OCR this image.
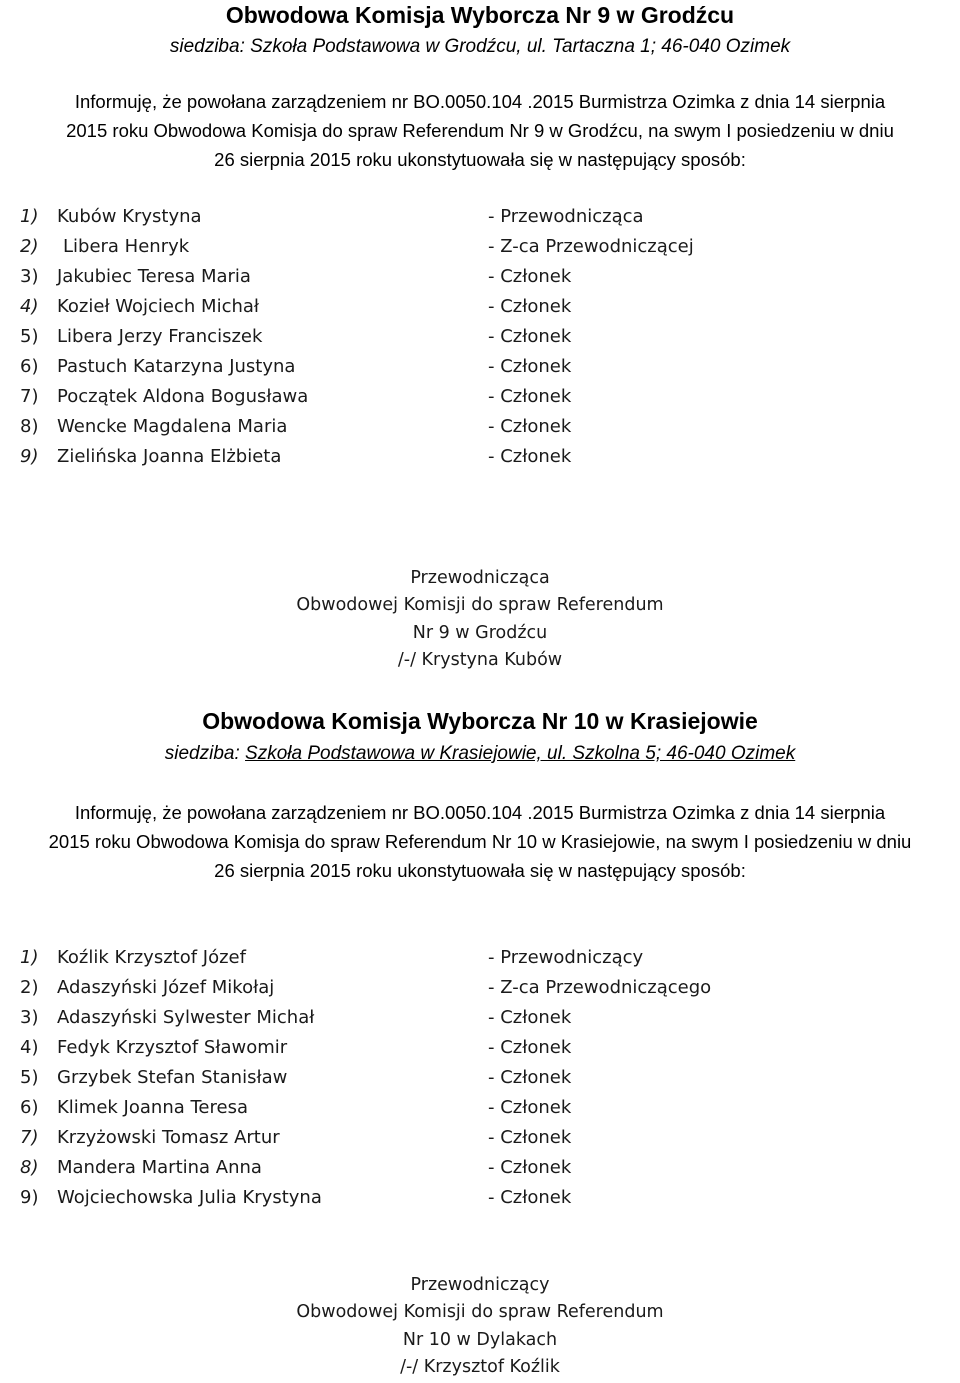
Obwodowa Komisja Wyborcza Nr 9 w Grodźcu
siedziba: Szkoła Podstawowa w Grodźcu, ul. Tartaczna 1; 46-040 Ozimek
Informuję, że powołana zarządzeniem nr BO.0050.104 .2015 Burmistrza Ozimka z dnia 14 sierpnia
2015 roku Obwodowa Komisja do spraw Referendum Nr 9 w Grodźcu, na swym I posiedzeniu w dniu
26 sierpnia 2015 roku ukonstytuowała się w następujący sposób:
1) Kubów Krystyna	- Przewodnicząca
2) Libera Henryk	- Z-ca Przewodniczącej
3) Jakubiec Teresa Maria	- Członek
4) Kozieł Wojciech Michał	- Członek
5) Libera Jerzy Franciszek	- Członek
6) Pastuch Katarzyna Justyna	- Członek
7) Początek Aldona Bogusława	- Członek
8) Wencke Magdalena Maria	- Członek
9) Zielińska Joanna Elżbieta	- Członek
Przewodnicząca
Obwodowej Komisji do spraw Referendum
Nr 9 w Grodźcu
/-/ Krystyna Kubów
Obwodowa Komisja Wyborcza Nr 10 w Krasiejowie
siedziba: Szkoła Podstawowa w Krasiejowie, ul. Szkolna 5; 46-040 Ozimek
Informuję, że powołana zarządzeniem nr BO.0050.104 .2015 Burmistrza Ozimka z dnia 14 sierpnia
2015 roku Obwodowa Komisja do spraw Referendum Nr 10 w Krasiejowie, na swym I posiedzeniu w dniu
26 sierpnia 2015 roku ukonstytuowała się w następujący sposób:
1) Koźlik Krzysztof Józef	- Przewodniczący
2) Adaszyński Józef Mikołaj	- Z-ca Przewodniczącego
3) Adaszyński Sylwester Michał	- Członek
4) Fedyk Krzysztof Sławomir	- Członek
5) Grzybek Stefan Stanisław	- Członek
6) Klimek Joanna Teresa	- Członek
7) Krzyżowski Tomasz Artur	- Członek
8) Mandera Martina Anna	- Członek
9) Wojciechowska Julia Krystyna	- Członek
Przewodniczący
Obwodowej Komisji do spraw Referendum
Nr 10 w Dylakach
/-/ Krzysztof Koźlik
